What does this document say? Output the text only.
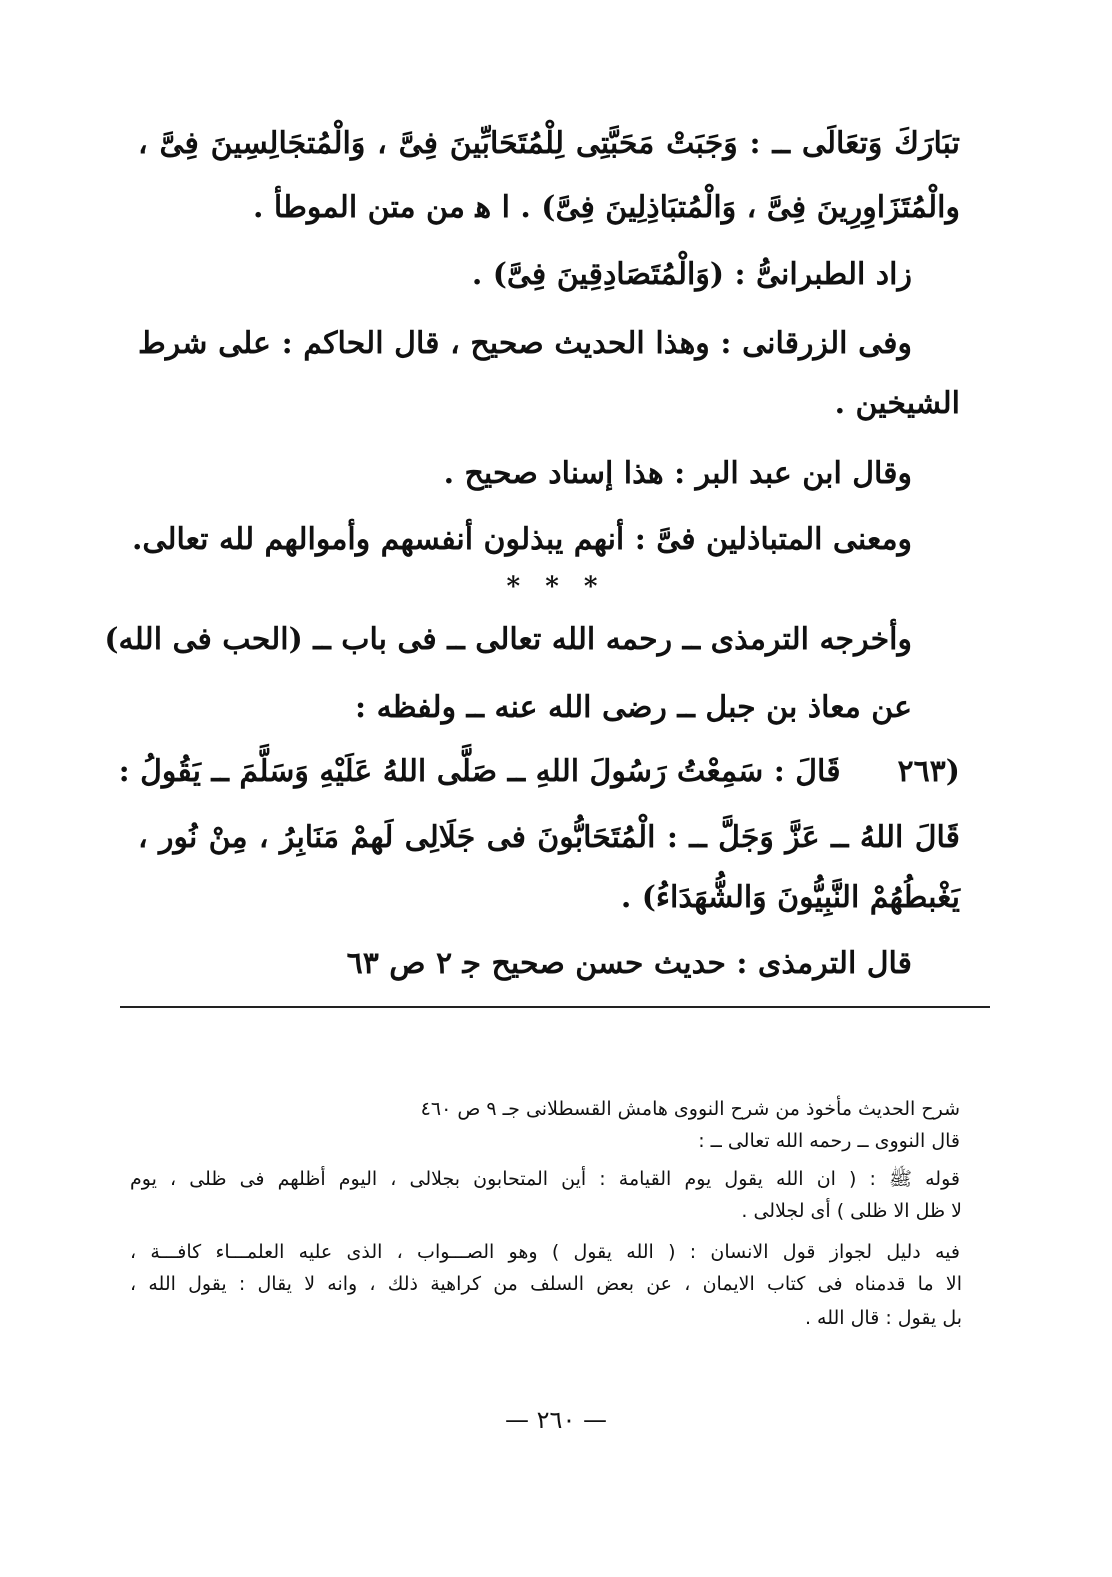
تبَارَكَ وَتعَالَى ــ : وَجَبَتْ مَحَبَّتِى لِلْمُتَحَابِّينَ فِىَّ ، وَالْمُتجَالِسِينَ فِىَّ ،
والْمُتَزَاوِرِينَ فِىَّ ، وَالْمُتبَاذِلِينَ فِىَّ) . ا ﻫ من متن الموطأ .
زاد الطبرانىُّ : (وَالْمُتَصَادِقِينَ فِىَّ) .
وفى الزرقانى : وهذا الحديث صحيح ، قال الحاكم : على شرط
الشيخين .
وقال ابن عبد البر : هذا إسناد صحيح .
ومعنى المتباذلين فىَّ : أنهم يبذلون أنفسهم وأموالهم لله تعالى.
* * *
وأخرجه الترمذى ــ رحمه الله تعالى ــ فى باب ــ (الحب فى الله)
عن معاذ بن جبل ــ رضى الله عنه ــ ولفظه :
(٢٦٣  قَالَ : سَمِعْتُ رَسُولَ اللهِ ــ صَلَّى اللهُ عَلَيْهِ وَسَلَّمَ ــ يَقُولُ :
قَالَ اللهُ ــ عَزَّ وَجَلَّ ــ : الْمُتَحَابُّونَ فى جَلَالِى لَهمْ مَنَابِرُ ، مِنْ نُور ،
يَغْبطُهُمْ النَّبِيُّونَ وَالشُّهَدَاءُ) .
قال الترمذى : حديث حسن صحيح ﺟ ٢ ص ٦٣
شرح الحديث مأخوذ من شرح النووى هامش القسطلانى جـ ٩ ص ٤٦٠
قال النووى ــ رحمه الله تعالى ــ :
قوله ﷺ : ( ان الله يقول يوم القيامة : أين المتحابون بجلالى ، اليوم أظلهم فى ظلى ، يوم
لا ظل الا ظلى ) أى لجلالى .
فيه دليل لجواز قول الانسان : ( الله يقول ) وهو الصـــواب ، الذى عليه العلمـــاء كافـــة ،
الا ما قدمناه فى كتاب الايمان ، عن بعض السلف من كراهية ذلك ، وانه لا يقال : يقول الله ،
بل يقول : قال الله .
— ٢٦٠ —
